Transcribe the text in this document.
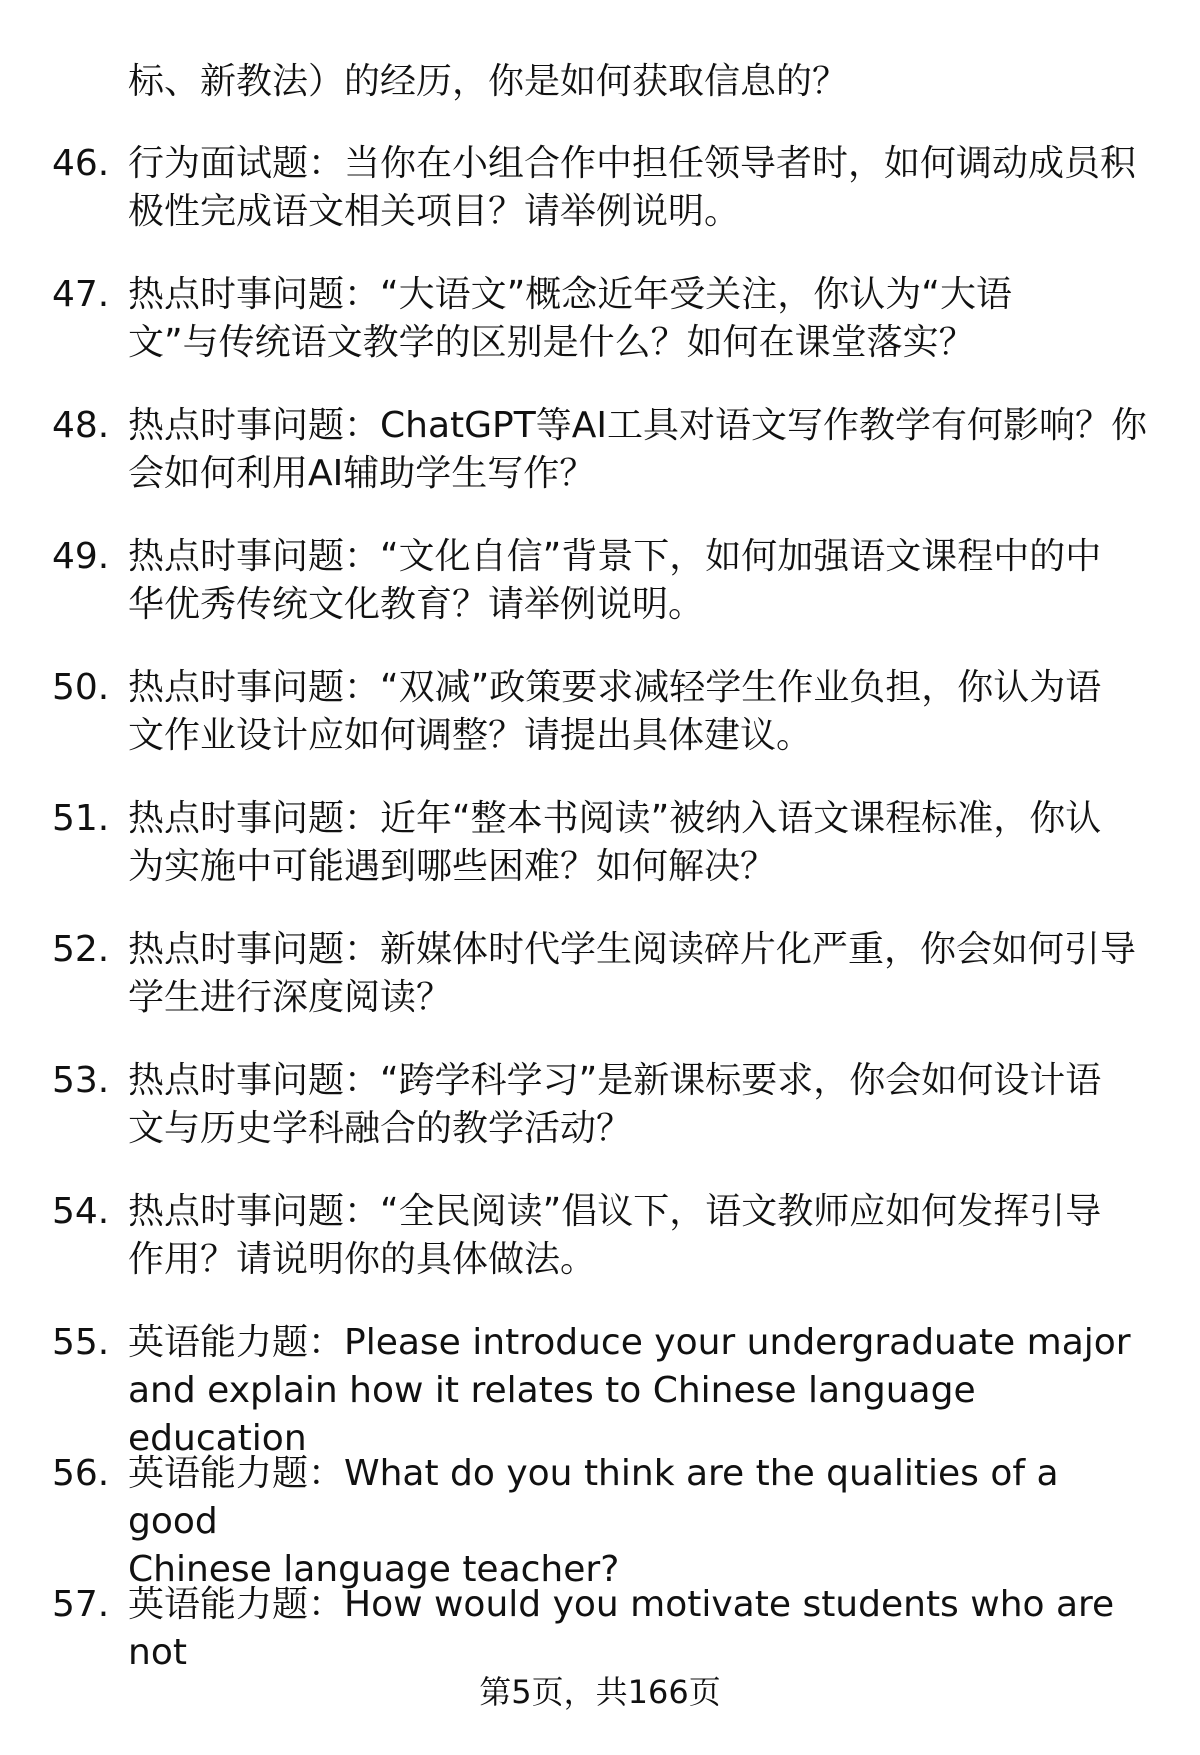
标、新教法）的经历，你是如何获取信息的？
46. 行为面试题：当你在小组合作中担任领导者时，如何调动成员积
极性完成语文相关项目？请举例说明。
47. 热点时事问题：“大语文”概念近年受关注，你认为“大语
文”与传统语文教学的区别是什么？如何在课堂落实？
48. 热点时事问题：ChatGPT等AI工具对语文写作教学有何影响？你
会如何利用AI辅助学生写作？
49. 热点时事问题：“文化自信”背景下，如何加强语文课程中的中
华优秀传统文化教育？请举例说明。
50. 热点时事问题：“双减”政策要求减轻学生作业负担，你认为语
文作业设计应如何调整？请提出具体建议。
51. 热点时事问题：近年“整本书阅读”被纳入语文课程标准，你认
为实施中可能遇到哪些困难？如何解决？
52. 热点时事问题：新媒体时代学生阅读碎片化严重，你会如何引导
学生进行深度阅读？
53. 热点时事问题：“跨学科学习”是新课标要求，你会如何设计语
文与历史学科融合的教学活动？
54. 热点时事问题：“全民阅读”倡议下，语文教师应如何发挥引导
作用？请说明你的具体做法。
55. 英语能力题：Please introduce your undergraduate major
and explain how it relates to Chinese language education
56. 英语能力题：What do you think are the qualities of a good
Chinese language teacher?
57. 英语能力题：How would you motivate students who are not
第5页，共166页
